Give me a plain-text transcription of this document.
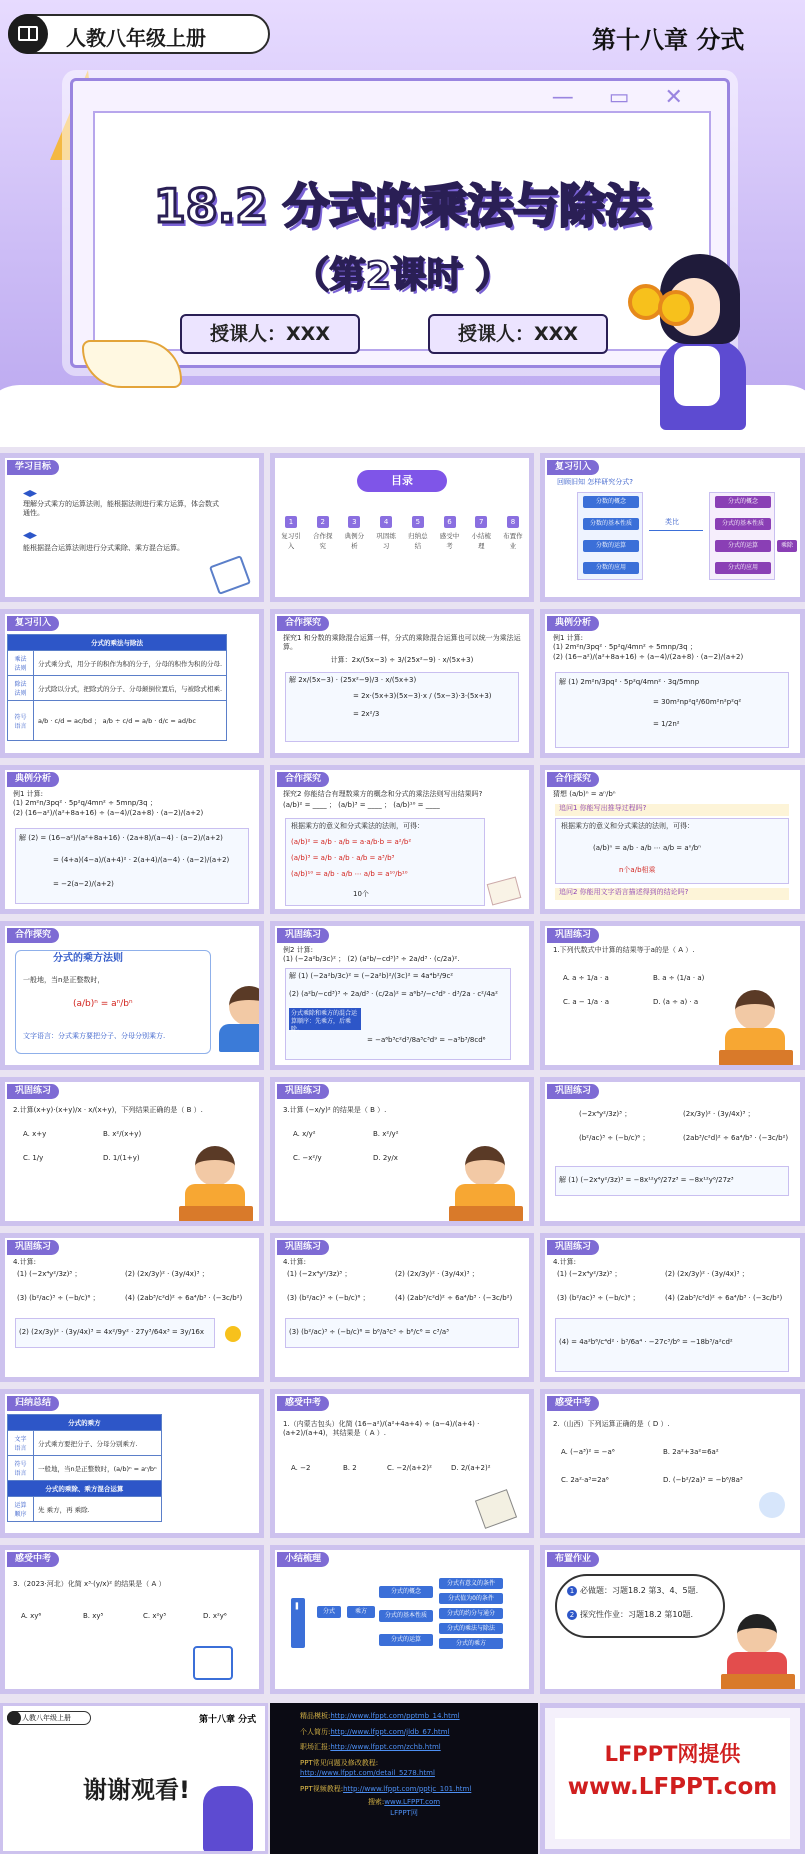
人教八年级上册	第十八章 分式
— ▭ ✕
18.2 分式的乘法与除法
（第2课时 ）
授课人：XXX	授课人：XXX
学习目标
理解分式乘方的运算法则，能根据法则进行乘方运算，体会数式通性。
能根据混合运算法则进行分式乘除、乘方混合运算。
目录
1
复习引入
2
合作探究
3
典例分析
4
巩固练习
5
归纳总结
6
感受中考
7
小结梳理
8
布置作业
复习引入
回顾旧知 怎样研究分式?
分数的概念
分数的基本性质
分数的运算
分数的应用
类比
分式的概念
分式的基本性质
分式的运算
分式的应用
乘除
复习引入
分式的乘法与除法	
乘法法则	分式乘分式，用分子的积作为积的分子，分母的积作为积的分母.
除法法则	分式除以分式，把除式的分子、分母颠倒位置后，与被除式相乘.
符号语言	a/b · c/d = ac/bd ； a/b ÷ c/d = a/b · d/c = ad/bc
合作探究
探究1 和分数的乘除混合运算一样，分式的乘除混合运算也可以统一为乘法运算。
计算：2x/(5x−3) ÷ 3/(25x²−9) · x/(5x+3)
解 2x/(5x−3) · (25x²−9)/3 · x/(5x+3)
= 2x·(5x+3)(5x−3)·x / (5x−3)·3·(5x+3)
= 2x²/3
典例分析
例1 计算:
(1) 2m²n/3pq² · 5p²q/4mn² ÷ 5mnp/3q ；
(2) (16−a²)/(a²+8a+16) ÷ (a−4)/(2a+8) · (a−2)/(a+2)
解 (1) 2m²n/3pq² · 5p²q/4mn² · 3q/5mnp
= 30m²np²q²/60m²n²p²q²
= 1/2n²
典例分析
例1 计算:
(1) 2m²n/3pq² · 5p²q/4mn² ÷ 5mnp/3q ；
(2) (16−a²)/(a²+8a+16) ÷ (a−4)/(2a+8) · (a−2)/(a+2)
解 (2) = (16−a²)/(a²+8a+16) · (2a+8)/(a−4) · (a−2)/(a+2)
= (4+a)(4−a)/(a+4)² · 2(a+4)/(a−4) · (a−2)/(a+2)
= −2(a−2)/(a+2)
合作探究
探究2 你能结合有理数乘方的概念和分式的乘法法则写出结果吗?
(a/b)² = ____ ； (a/b)³ = ____ ； (a/b)¹⁰ = ____
根据乘方的意义和分式乘法的法则，可得：
(a/b)² = a/b · a/b = a·a/b·b = a²/b²
(a/b)³ = a/b · a/b · a/b = a³/b³
(a/b)¹⁰ = a/b · a/b ⋯ a/b = a¹⁰/b¹⁰
10个
合作探究
猜想 (a/b)ⁿ = aⁿ/bⁿ
追问1 你能写出推导过程吗?
根据乘方的意义和分式乘法的法则，可得：
(a/b)ⁿ = a/b · a/b ⋯ a/b = aⁿ/bⁿ
n个a/b相乘
追问2 你能用文字语言描述得到的结论吗?
合作探究
分式的乘方法则
一般地，当n是正整数时，
(a/b)ⁿ = aⁿ/bⁿ
文字语言：分式乘方要把分子、分母分别乘方.
巩固练习
例2 计算:
(1) (−2a²b/3c)² ； (2) (a²b/−cd³)³ ÷ 2a/d³ · (c/2a)².
解 (1) (−2a²b/3c)² = (−2a²b)²/(3c)² = 4a⁴b²/9c²
(2) (a²b/−cd³)³ ÷ 2a/d³ · (c/2a)² = a⁶b³/−c³d⁹ · d³/2a · c²/4a²
分式乘除和乘方的混合运算顺序：先乘方，后乘除。
= −a⁶b³c²d³/8a³c³d⁹ = −a³b³/8cd⁶
巩固练习
1.下列代数式中计算的结果等于a的是（ A ）.
A. a ÷ 1/a · a	B. a ÷ (1/a · a)
C. a − 1/a · a	D. (a ÷ a) · a
巩固练习
2.计算(x+y)·(x+y)/x · x/(x+y)，下列结果正确的是（ B ）.
A. x+y	B. x²/(x+y)
C. 1/y	D. 1/(1+y)
巩固练习
3.计算 (−x/y)² 的结果是（ B ）.
A. x/y²	B. x²/y²
C. −x²/y	D. 2y/x
巩固练习
(−2x⁴y²/3z)³ ；	(2x/3y)² · (3y/4x)³ ；
(b²/ac)³ ÷ (−b/c)⁶ ；	(2ab³/c²d)² ÷ 6a⁴/b³ · (−3c/b²)
解 (1) (−2x⁴y²/3z)³ = −8x¹²y⁶/27z³ = −8x¹²y⁶/27z³
巩固练习
4.计算:
(1) (−2x⁴y²/3z)³ ；	(2) (2x/3y)² · (3y/4x)³ ；
(3) (b²/ac)³ ÷ (−b/c)⁶ ；	(4) (2ab³/c²d)² ÷ 6a⁴/b³ · (−3c/b²)
(2) (2x/3y)² · (3y/4x)³ = 4x²/9y² · 27y³/64x³ = 3y/16x
巩固练习
4.计算:
(1) (−2x⁴y²/3z)³ ；	(2) (2x/3y)² · (3y/4x)³ ；
(3) (b²/ac)³ ÷ (−b/c)⁶ ；	(4) (2ab³/c²d)² ÷ 6a⁴/b³ · (−3c/b²)
(3) (b²/ac)³ ÷ (−b/c)⁶ = b⁶/a³c³ ÷ b⁶/c⁶ = c³/a³
巩固练习
4.计算:
(1) (−2x⁴y²/3z)³ ；	(2) (2x/3y)² · (3y/4x)³ ；
(3) (b²/ac)³ ÷ (−b/c)⁶ ；	(4) (2ab³/c²d)² ÷ 6a⁴/b³ · (−3c/b²)
(4) = 4a²b⁶/c⁴d² · b³/6a⁴ · −27c³/b⁶ = −18b³/a²cd²
归纳总结
分式的乘方	
文字语言	分式乘方要把分子、分母分别乘方.
符号语言	一般地，当n是正整数时，(a/b)ⁿ = aⁿ/bⁿ
分式的乘除、乘方混合运算	
运算顺序	先 乘方，再 乘除.
感受中考
1.（内蒙古包头）化简 (16−a²)/(a²+4a+4) ÷ (a−4)/(a+4) · (a+2)/(a+4)，其结果是（ A ）.
A. −2	B. 2	C. −2/(a+2)²	D. 2/(a+2)²
感受中考
2.（山西）下列运算正确的是（ D ）.
A. (−a³)² = −a⁶	B. 2a²+3a²=6a²
C. 2a²·a³=2a⁶	D. (−b²/2a)³ = −b⁶/8a³
感受中考
3.（2023·河北）化简 x³·(y/x)² 的结果是（ A ）
A. xy⁶	B. xy⁵	C. x²y⁵	D. x²y⁶
小结梳理
▌
分式	乘方
分式的概念
分式的基本性质
分式的运算
分式有意义的条件
分式值为0的条件
分式的约分与通分
分式的乘法与除法
分式的乘方
布置作业
1 必做题：习题18.2 第3、4、5题.
2 探究性作业：习题18.2 第10题.
人教八年级上册	第十八章 分式
谢谢观看!
精品模板:http://www.lfppt.com/pptmb_14.html
个人简历:http://www.lfppt.com/jldb_67.html
职场汇报:http://www.lfppt.com/zchb.html
PPT常见问题及修改教程:
http://www.lfppt.com/detail_5278.html
PPT视频教程:http://www.lfppt.com/pptjc_101.html
搜索:www.LFPPT.com
LFPPT网
LFPPT网提供
www.LFPPT.com
